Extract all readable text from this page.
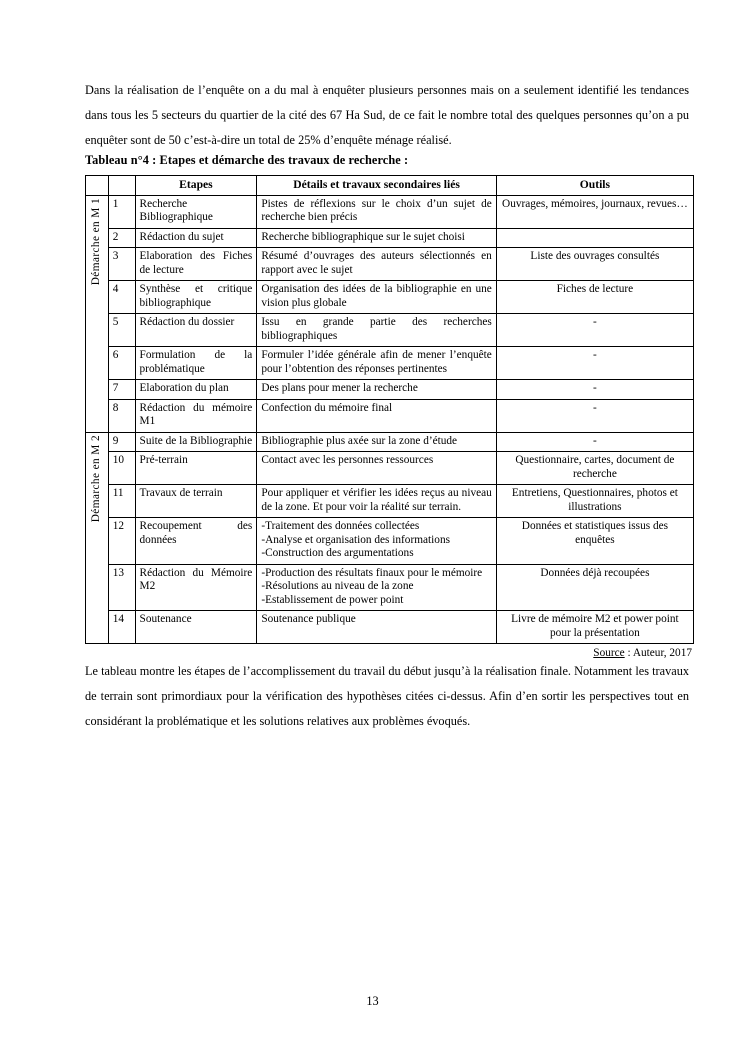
Dans la réalisation de l’enquête on a du mal à enquêter plusieurs personnes mais on a seulement identifié les tendances dans tous les 5 secteurs du quartier de la cité des 67 Ha Sud, de ce fait le nombre total des quelques personnes qu’on a pu enquêter sont de 50 c’est-à-dire un total de 25% d’enquête ménage réalisé.

Tableau n°4 : Etapes et démarche des travaux de recherche :

		Etapes	Détails et travaux secondaires liés	Outils
Démarche en M 1	1	Recherche Bibliographique	Pistes de réflexions sur le choix d’un sujet de recherche bien précis	Ouvrages, mémoires, journaux, revues…
	2	Rédaction du sujet	Recherche bibliographique sur le sujet choisi	
	3	Elaboration des Fiches de lecture	Résumé d’ouvrages des auteurs sélectionnés en rapport avec le sujet	Liste des ouvrages consultés
	4	Synthèse et critique bibliographique	Organisation des idées de la bibliographie en une vision plus globale	Fiches de lecture
	5	Rédaction du dossier	Issu en grande partie des recherches bibliographiques	-
	6	Formulation de la problématique	Formuler l’idée générale afin de mener l’enquête pour l’obtention des réponses pertinentes	-
	7	Elaboration du plan	Des plans pour mener la recherche	-
	8	Rédaction du mémoire M1	Confection du mémoire final	-
Démarche en M 2	9	Suite de la Bibliographie	Bibliographie plus axée sur la zone d’étude	-
	10	Pré-terrain	Contact avec les personnes ressources	Questionnaire, cartes, document de recherche
	11	Travaux de terrain	Pour appliquer et vérifier les idées reçus au niveau de la zone. Et pour voir la réalité sur terrain.	Entretiens, Questionnaires, photos et illustrations
	12	Recoupement des données	-Traitement des données collectées
-Analyse et organisation des informations
-Construction des argumentations	Données et statistiques issus des enquêtes
	13	Rédaction du Mémoire M2	-Production des résultats finaux pour le mémoire
-Résolutions au niveau de la zone
-Establissement de power point	Données déjà recoupées
	14	Soutenance	Soutenance publique	Livre de mémoire M2 et power point pour la présentation
Source : Auteur, 2017

Le tableau montre les étapes de l’accomplissement du travail du début jusqu’à la réalisation finale. Notamment les travaux de terrain sont primordiaux pour la vérification des hypothèses citées ci-dessus. Afin d’en sortir les perspectives tout en considérant la problématique et les solutions relatives aux problèmes évoqués.

13
